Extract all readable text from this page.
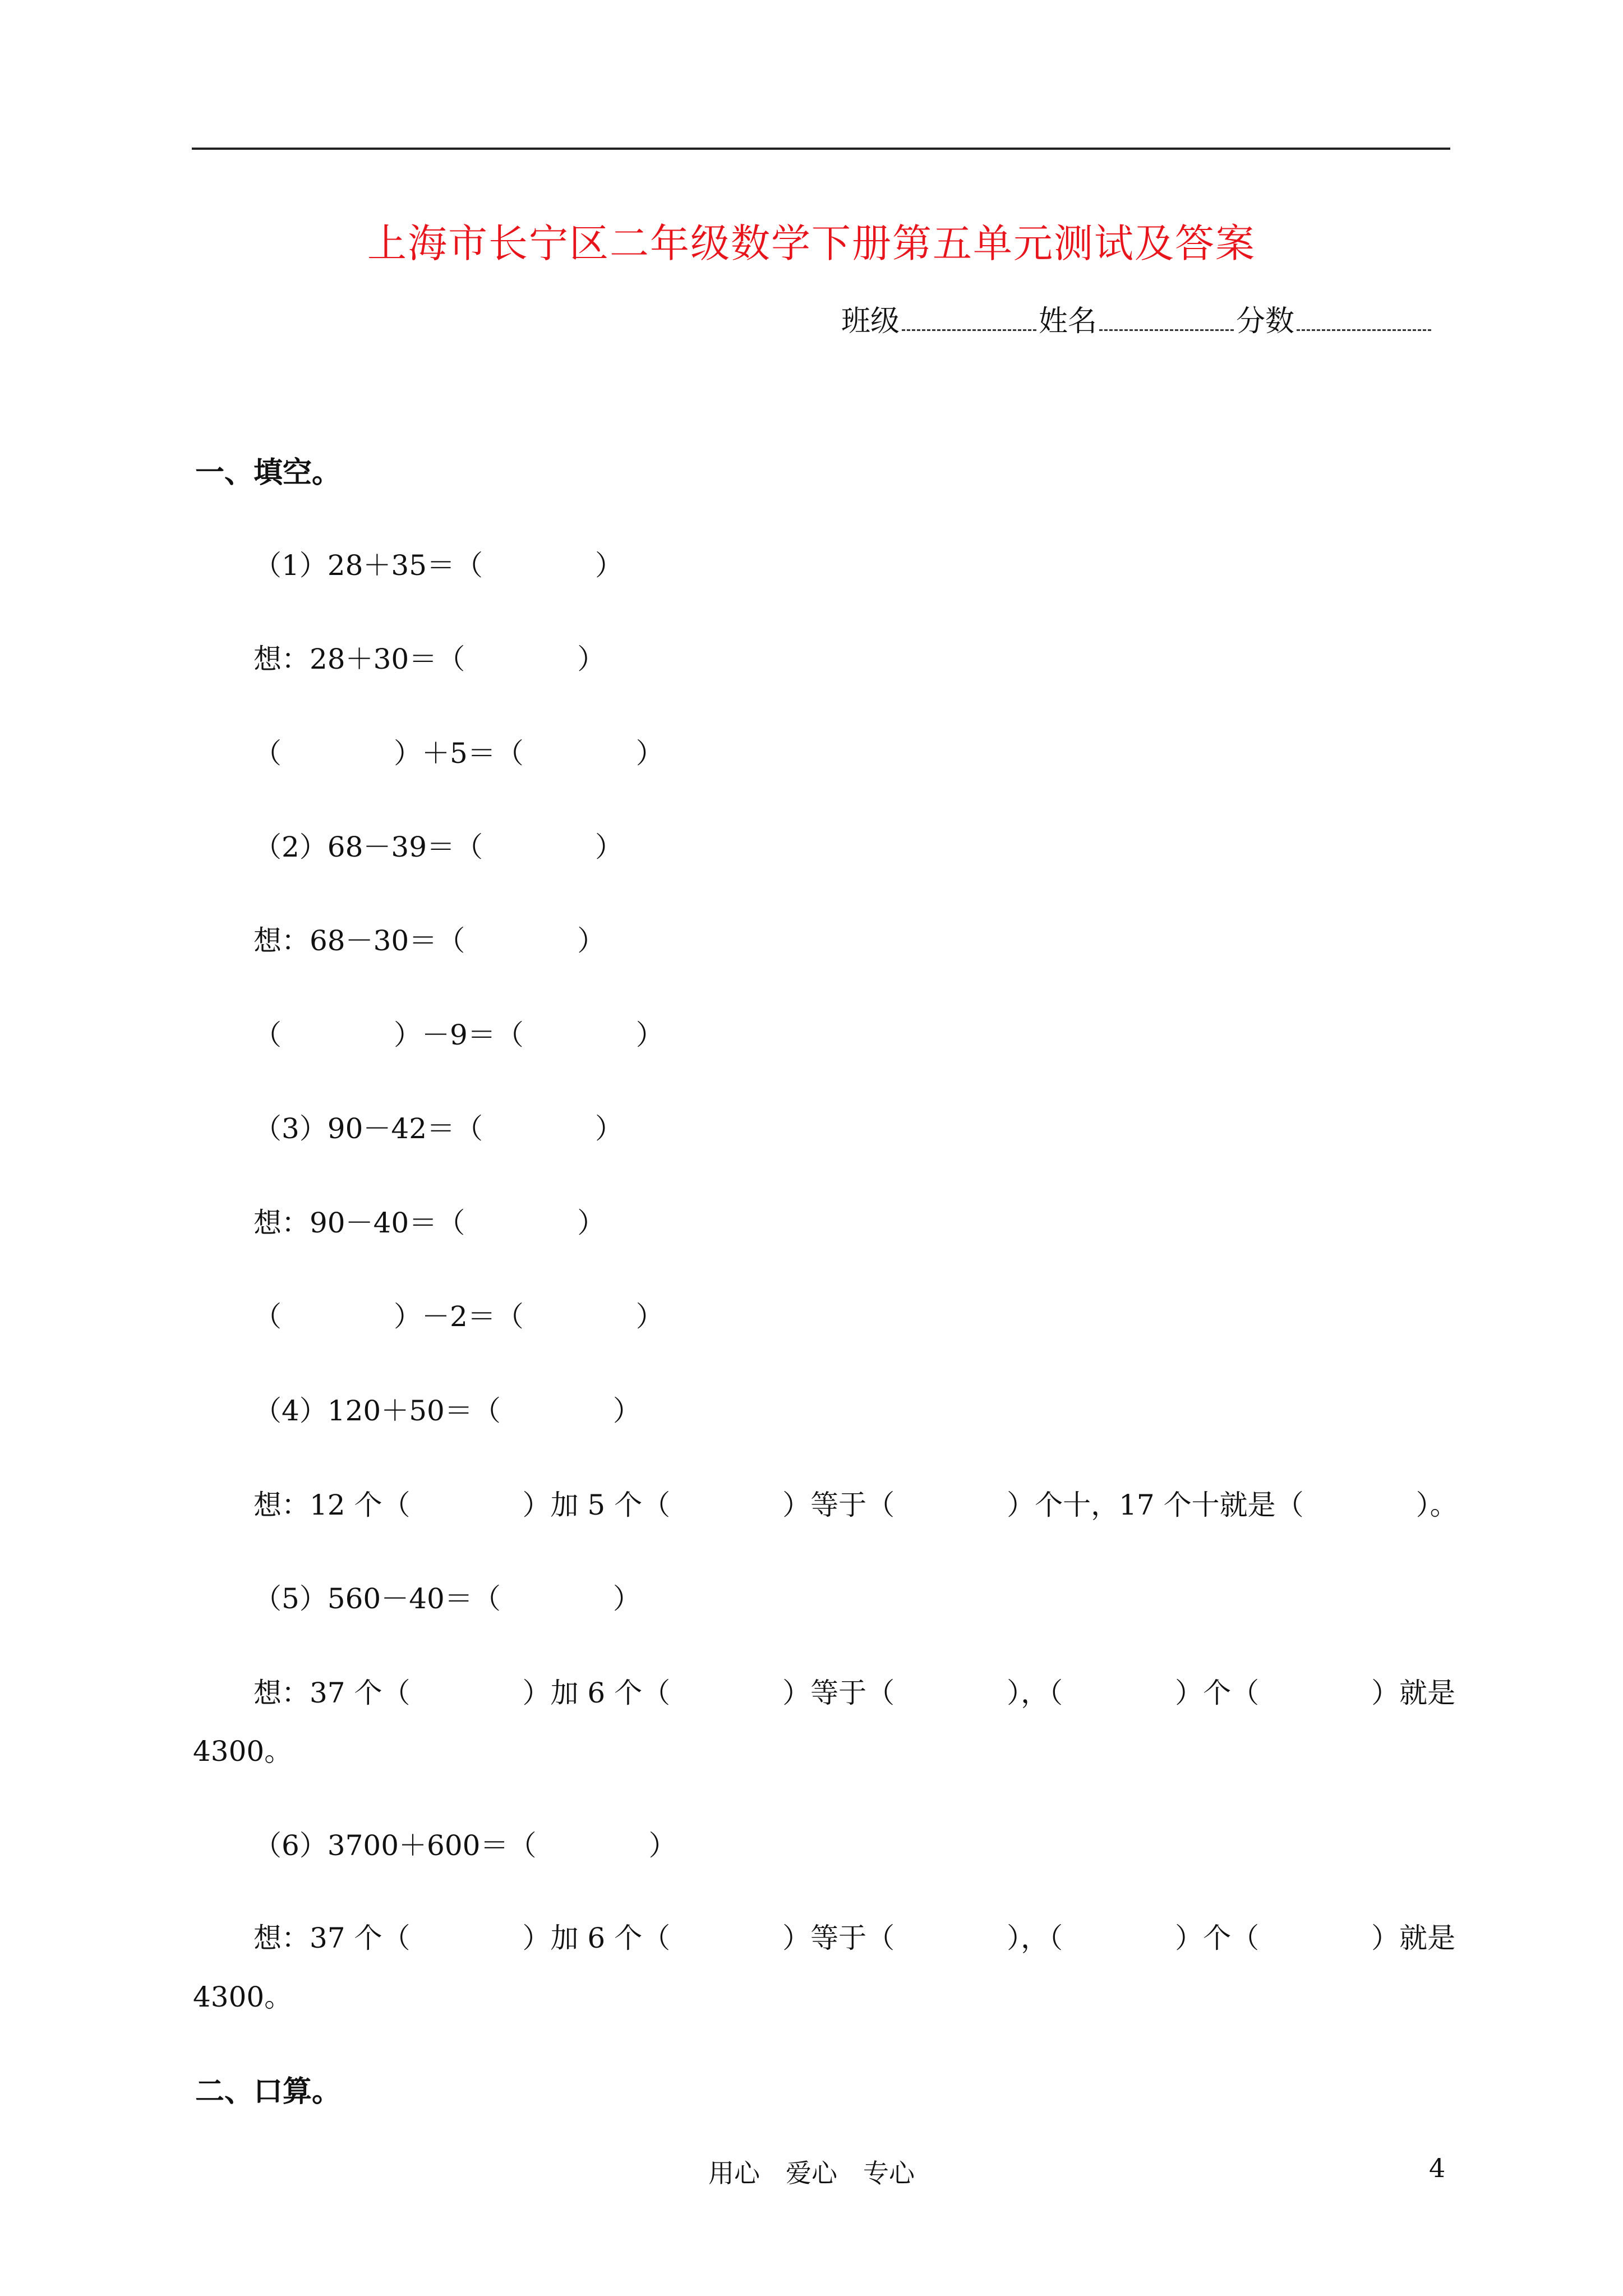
上海市长宁区二年级数学下册第五单元测试及答案
班级	姓名	分数
一、填空。
（1）28＋35＝（　　　　）
想：28＋30＝（　　　　）
（　　　　）＋5＝（　　　　）
（2）68－39＝（　　　　）
想：68－30＝（　　　　）
（　　　　）－9＝（　　　　）
（3）90－42＝（　　　　）
想：90－40＝（　　　　）
（　　　　）－2＝（　　　　）
（4）120＋50＝（　　　　）
想：12 个（　　　　）加 5 个（　　　　）等于（　　　　）个十，17 个十就是（　　　　）。
（5）560－40＝（　　　　）
想：37 个（　　　　）加 6 个（　　　　）等于（　　　　），（　　　　）个（　　　　）就是
4300。
（6）3700＋600＝（　　　　）
想：37 个（　　　　）加 6 个（　　　　）等于（　　　　），（　　　　）个（　　　　）就是
4300。
二、口算。
用心　爱心　专心	4
